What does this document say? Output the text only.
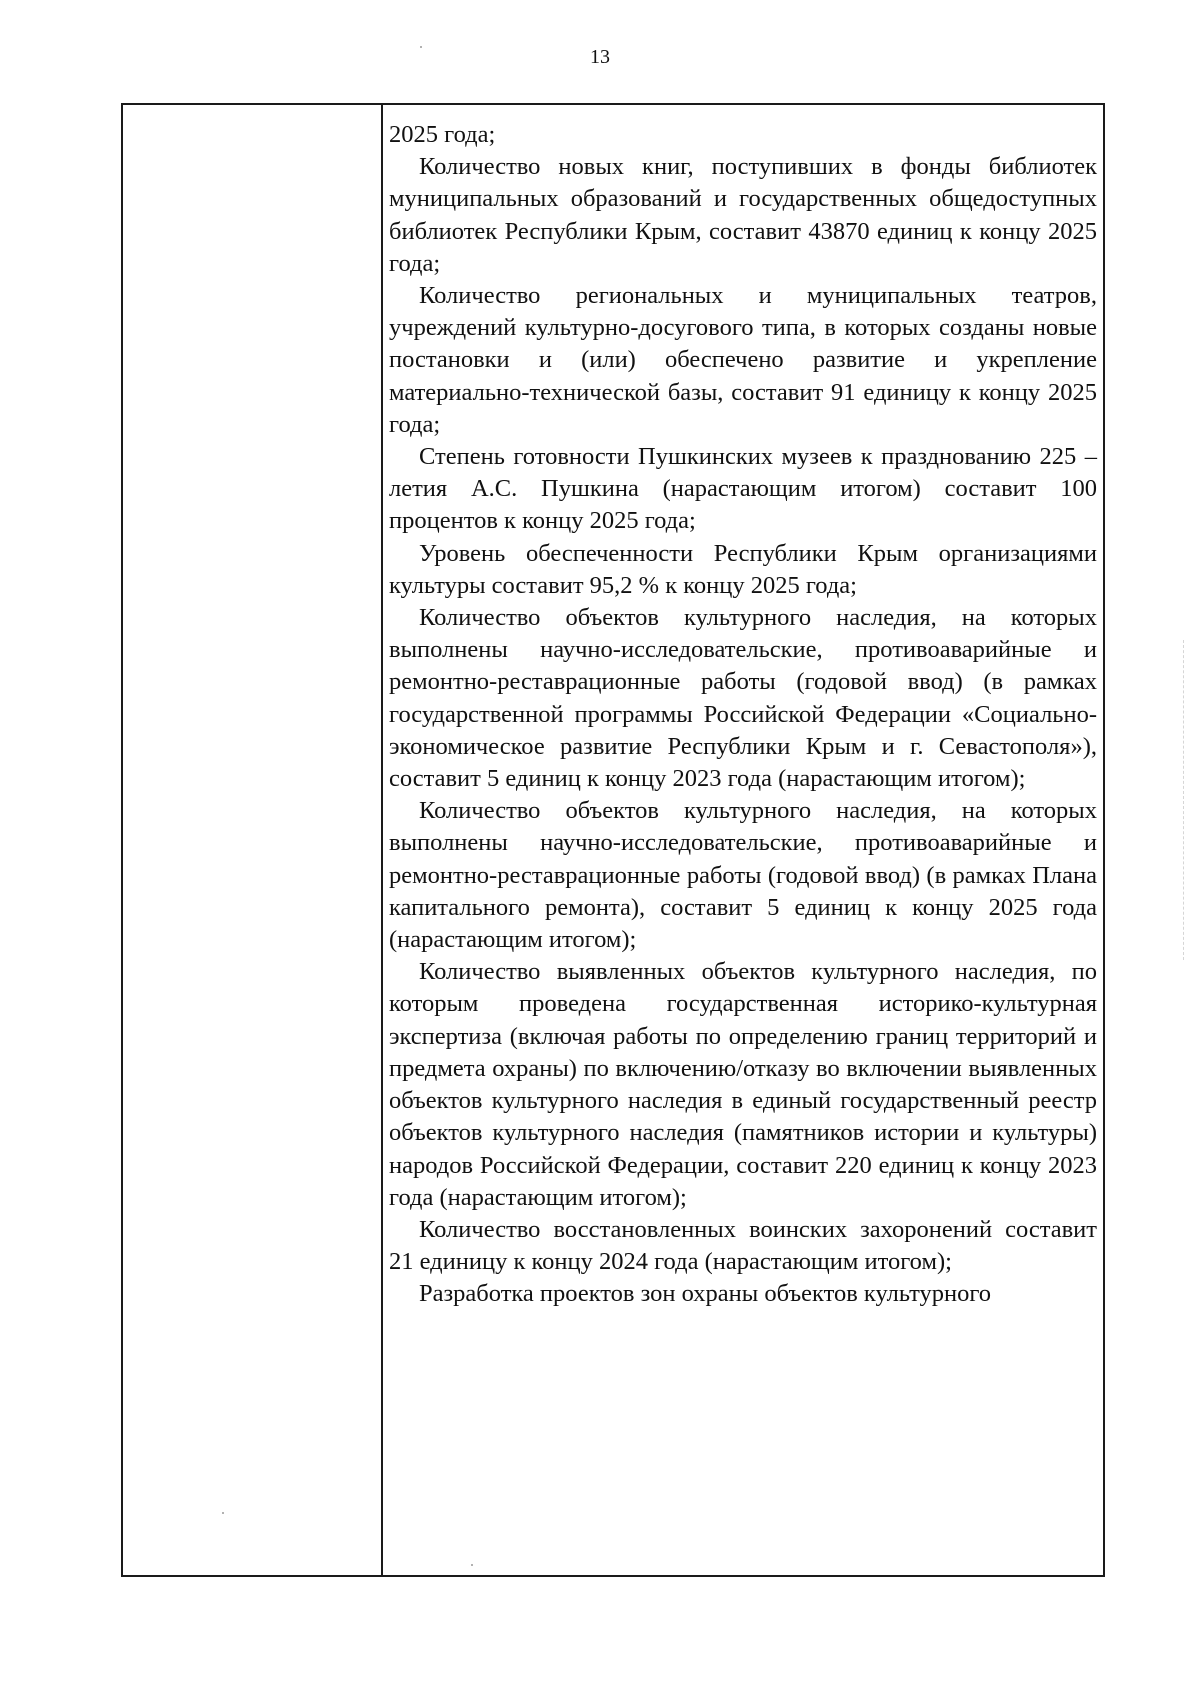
13

2025 года;

Количество новых книг, поступивших в фонды библиотек муниципальных образований и государственных общедоступных библиотек Республики Крым, составит 43870 единиц к концу 2025 года;

Количество региональных и муниципальных театров, учреждений культурно-досугового типа, в которых созданы новые постановки и (или) обеспечено развитие и укрепление материально-технической базы, составит 91 единицу к концу 2025 года;

Степень готовности Пушкинских музеев к празднованию 225 – летия А.С. Пушкина (нарастающим итогом) составит 100 процентов к концу 2025 года;

Уровень обеспеченности Республики Крым организациями культуры составит 95,2 % к концу 2025 года;

Количество объектов культурного наследия, на которых выполнены научно-исследовательские, противоаварийные и ремонтно-реставрационные работы (годовой ввод) (в рамках государственной программы Российской Федерации «Социально-экономическое развитие Республики Крым и г. Севастополя»), составит 5 единиц к концу 2023 года (нарастающим итогом);

Количество объектов культурного наследия, на которых выполнены научно-исследовательские, противоаварийные и ремонтно-реставрационные работы (годовой ввод) (в рамках Плана капитального ремонта), составит 5 единиц к концу 2025 года (нарастающим итогом);

Количество выявленных объектов культурного наследия, по которым проведена государственная историко-культурная экспертиза (включая работы по определению границ территорий и предмета охраны) по включению/отказу во включении выявленных объектов культурного наследия в единый государственный реестр объектов культурного наследия (памятников истории и культуры) народов Российской Федерации, составит 220 единиц к концу 2023 года (нарастающим итогом);

Количество восстановленных воинских захоронений составит 21 единицу к концу 2024 года (нарастающим итогом);

Разработка проектов зон охраны объектов культурного
